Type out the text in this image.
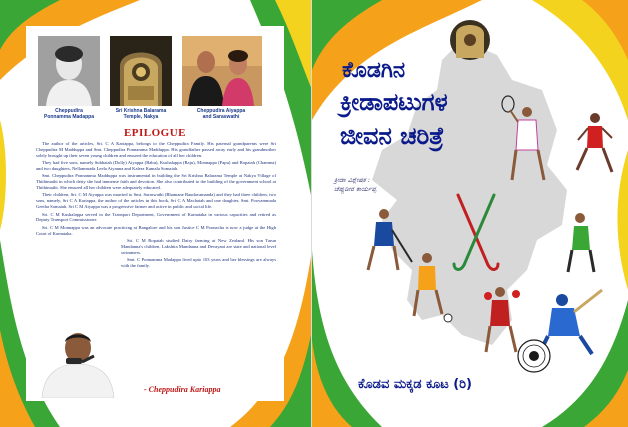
Cheppudira
Ponnamma Madappa
Sri Krishna Balarama
Temple, Nakya
Cheppudira Aiyappa
and Saraswathi
EPILOGUE

The author of the articles, Sri. C A Kariappa, belongs to the Cheppudira Family. His paternal grandparents were Sri Cheppudira M Madduppa and Smt. Cheppudira Ponnamma Madduppa. His grandfather passed away early and his grandmother solely brought up their seven young children and ensured the education of all her children.

They had five sons, namely Subbaiah (Dolly) Aiyappa (Babu), Kushalappa (Raju), Monnappa (Papu) and Ropaiah (Chamma) and two daughters, Nellammada Leela Aiyanna and Kalera Kamala Somaiah.

Smt. Cheppudira Ponnamma Madduppa was instrumental in building the Sri Krishna Balarama Temple at Nakya Village of Thithimathi in which deity she had immense faith and devotion. She also contributed to the building of the government school at Thithimathi. She ensured all her children were adequately educated.

Their children, Sri. C M Aiyappa was married to Smt. Saraswathi (Bhamane Baudavamanda) and they had three children, two sons, namely, Sri C A Kariappa, the author of the articles in this book, Sri C A Machaiah and one daughter, Smt. Poovammada Geetha Somaiah. Sri C M Aiyappa was a progressive farmer and active in public and social life.

Sri. C M Kushalappa served in the Transport Department, Government of Karnataka in various capacities and retired as Deputy Transport Commissioner.

Sri. C M Monnappa was an advocate practicing at Bangalore and his son Justice C M Poonacha is now a judge at the High Court of Karnataka.

Sri. C M Ropaiah studied Dairy farming at New Zealand. His son Tarun Mandanna's children, Lakshita Mandanna and Devayani are state and national level swimmers.

Smt. C Ponnamma Madappa lived upto 103 years and her blessings are always with the family.

- Cheppudira Kariappa
ಕೊಡಗಿನ
ಕ್ರೀಡಾಪಟುಗಳ
ಜೀವನ ಚರಿತ್ರೆ
ಕ್ರೀಡಾ ವಿಶ್ಲೇಷಕ :
ಚೆಪ್ಪುಡೀರ ಕಾರ್ಯಪ್ಪ
ಕೊಡವ ಮಕ್ಕಡ ಕೂಟ (ರಿ)
